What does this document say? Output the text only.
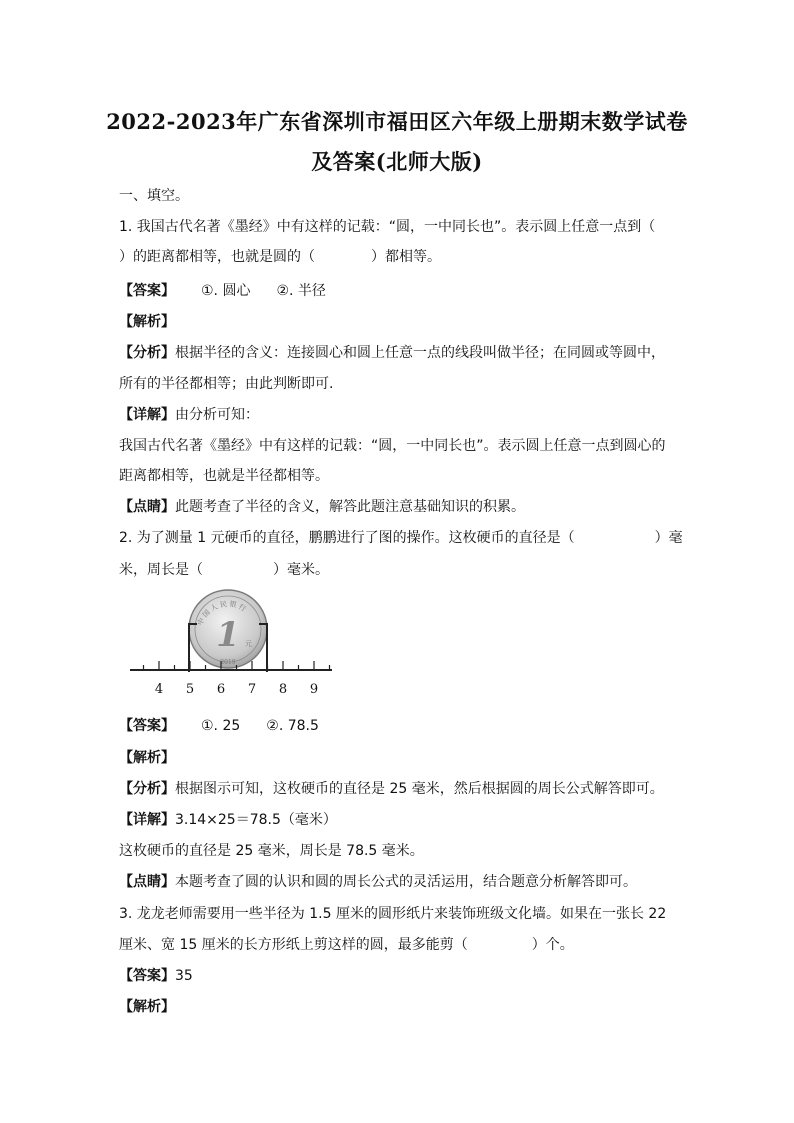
2022-2023年广东省深圳市福田区六年级上册期末数学试卷
及答案(北师大版)
一、填空。
1. 我国古代名著《墨经》中有这样的记载：“圆，一中同长也”。表示圆上任意一点到（
）的距离都相等，也就是圆的（	）都相等。
【答案】 ①. 圆心 ②. 半径
【解析】
【分析】根据半径的含义：连接圆心和圆上任意一点的线段叫做半径；在同圆或等圆中，
所有的半径都相等；由此判断即可.
【详解】由分析可知：
我国古代名著《墨经》中有这样的记载：“圆，一中同长也”。表示圆上任意一点到圆心的
距离都相等，也就是半径都相等。
【点睛】此题考查了半径的含义，解答此题注意基础知识的积累。
2. 为了测量 1 元硬币的直径，鹏鹏进行了图的操作。这枚硬币的直径是（	）毫
米，周长是（	）毫米。
中国人民银行
1 元
2019
4 5 6 7 8 9
【答案】 ①. 25 ②. 78.5
【解析】
【分析】根据图示可知，这枚硬币的直径是 25 毫米，然后根据圆的周长公式解答即可。
【详解】3.14×25＝78.5（毫米）
这枚硬币的直径是 25 毫米，周长是 78.5 毫米。
【点睛】本题考查了圆的认识和圆的周长公式的灵活运用，结合题意分析解答即可。
3. 龙龙老师需要用一些半径为 1.5 厘米的圆形纸片来装饰班级文化墙。如果在一张长 22
厘米、宽 15 厘米的长方形纸上剪这样的圆，最多能剪（	）个。
【答案】35
【解析】
